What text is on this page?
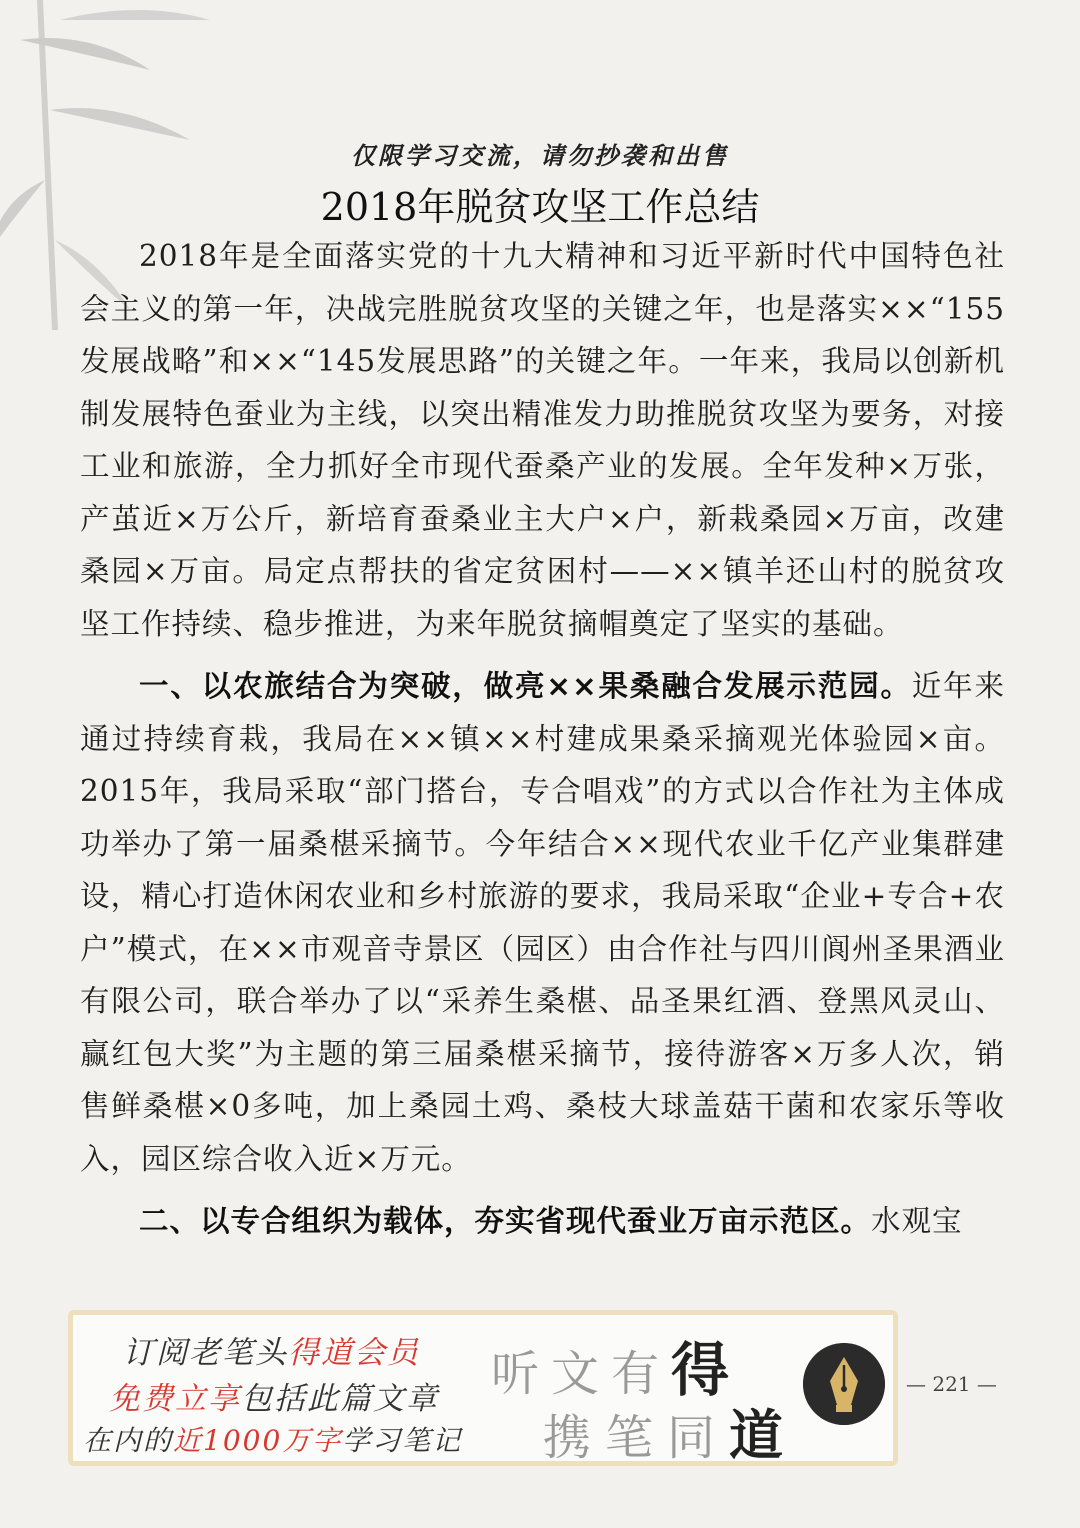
仅限学习交流，请勿抄袭和出售
2018年脱贫攻坚工作总结

2018年是全面落实党的十九大精神和习近平新时代中国特色社会主义的第一年，决战完胜脱贫攻坚的关键之年，也是落实××“155发展战略”和××“145发展思路”的关键之年。一年来，我局以创新机制发展特色蚕业为主线，以突出精准发力助推脱贫攻坚为要务，对接工业和旅游，全力抓好全市现代蚕桑产业的发展。全年发种×万张，产茧近×万公斤，新培育蚕桑业主大户×户，新栽桑园×万亩，改建桑园×万亩。局定点帮扶的省定贫困村——××镇羊还山村的脱贫攻坚工作持续、稳步推进，为来年脱贫摘帽奠定了坚实的基础。

一、以农旅结合为突破，做亮××果桑融合发展示范园。近年来通过持续育栽，我局在××镇××村建成果桑采摘观光体验园×亩。2015年，我局采取“部门搭台，专合唱戏”的方式以合作社为主体成功举办了第一届桑椹采摘节。今年结合××现代农业千亿产业集群建设，精心打造休闲农业和乡村旅游的要求，我局采取“企业+专合+农户”模式，在××市观音寺景区（园区）由合作社与四川阆州圣果酒业有限公司，联合举办了以“采养生桑椹、品圣果红酒、登黑风灵山、赢红包大奖”为主题的第三届桑椹采摘节，接待游客×万多人次，销售鲜桑椹×0多吨，加上桑园土鸡、桑枝大球盖菇干菌和农家乐等收入，园区综合收入近×万元。

二、以专合组织为载体，夯实省现代蚕业万亩示范区。水观宝

订阅老笔头得道会员
免费立享包括此篇文章
在内的近1000万字学习笔记
听文有得
携笔同道
— 221 —
